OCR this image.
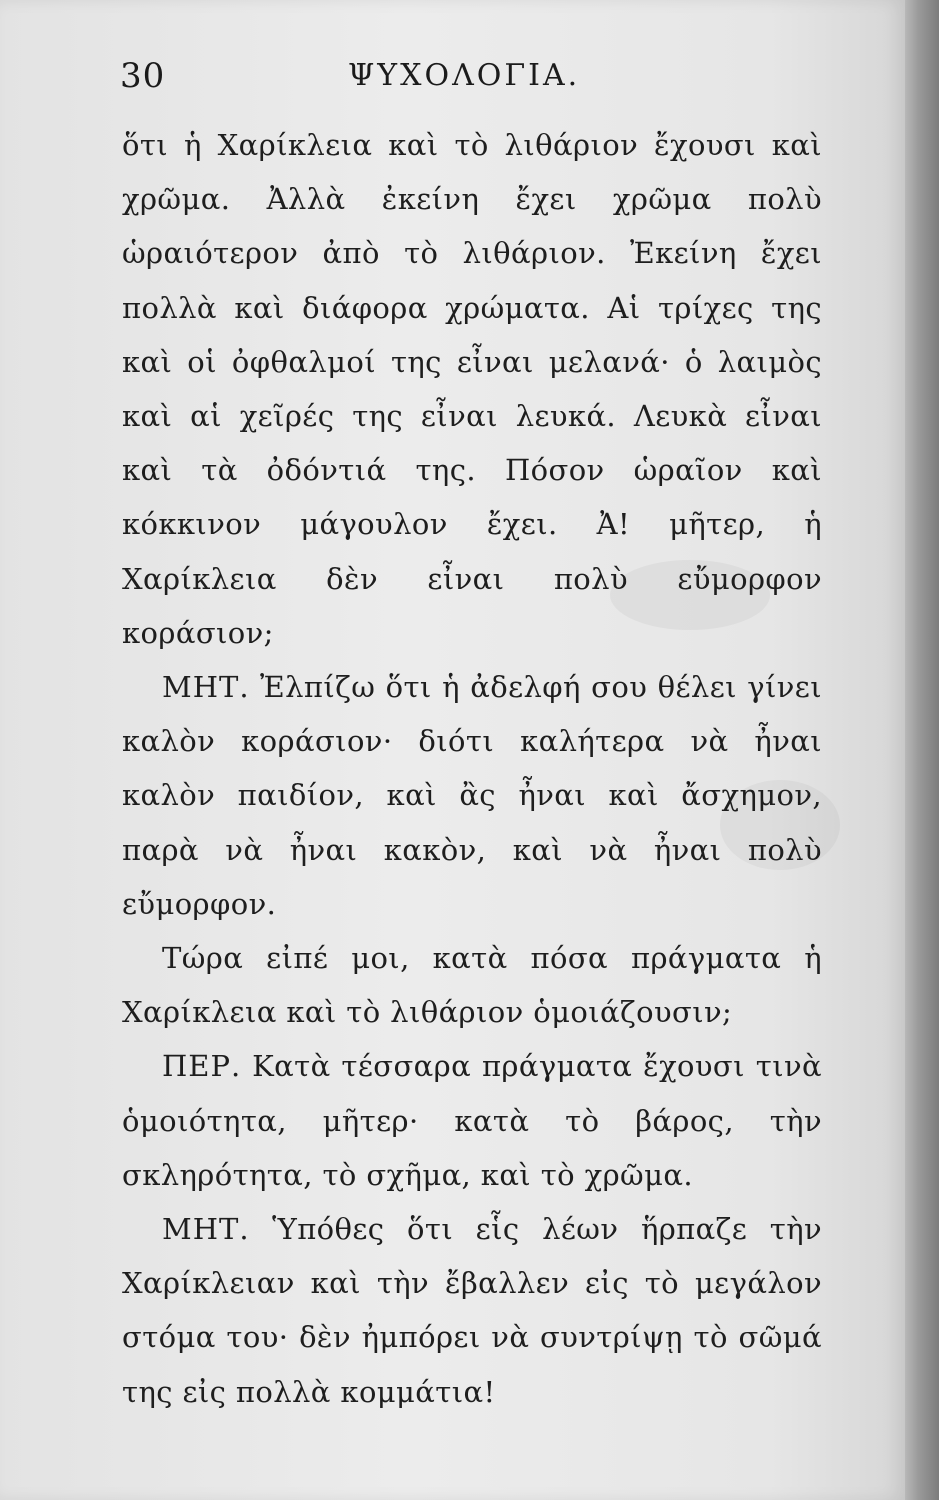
30	ΨΥΧΟΛΟΓΙΑ.

ὅτι ἡ Χαρίκλεια καὶ τὸ λιθάριον ἔχουσι καὶ χρῶμα. Ἀλλὰ ἐκείνη ἔχει χρῶμα πολὺ ὡραιότερον ἀπὸ τὸ λιθάριον. Ἐκείνη ἔχει πολλὰ καὶ διάφορα χρώματα. Αἱ τρίχες της καὶ οἱ ὀφθαλμοί της εἶναι μελανά· ὁ λαιμὸς καὶ αἱ χεῖρές της εἶναι λευκά. Λευκὰ εἶναι καὶ τὰ ὀδόντιά της. Πόσον ὡραῖον καὶ κόκκινον μάγουλον ἔχει. Ἀ! μῆτερ, ἡ Χαρίκλεια δὲν εἶναι πολὺ εὔμορφον κοράσιον;

ΜΗΤ. Ἐλπίζω ὅτι ἡ ἀδελφή σου θέλει γίνει καλὸν κοράσιον· διότι καλήτερα νὰ ἦναι καλὸν παιδίον, καὶ ἂς ἦναι καὶ ἄσχημον, παρὰ νὰ ἦναι κακὸν, καὶ νὰ ἦναι πολὺ εὔμορφον.

Τώρα εἰπέ μοι, κατὰ πόσα πράγματα ἡ Χαρίκλεια καὶ τὸ λιθάριον ὁμοιάζουσιν;

ΠΕΡ. Κατὰ τέσσαρα πράγματα ἔχουσι τινὰ ὁμοιότητα, μῆτερ· κατὰ τὸ βάρος, τὴν σκληρότητα, τὸ σχῆμα, καὶ τὸ χρῶμα.

ΜΗΤ. Ὑπόθες ὅτι εἷς λέων ἥρπαζε τὴν Χαρίκλειαν καὶ τὴν ἔβαλλεν εἰς τὸ μεγάλον στόμα του· δὲν ἠμπόρει νὰ συντρίψῃ τὸ σῶμά της εἰς πολλὰ κομμάτια!
